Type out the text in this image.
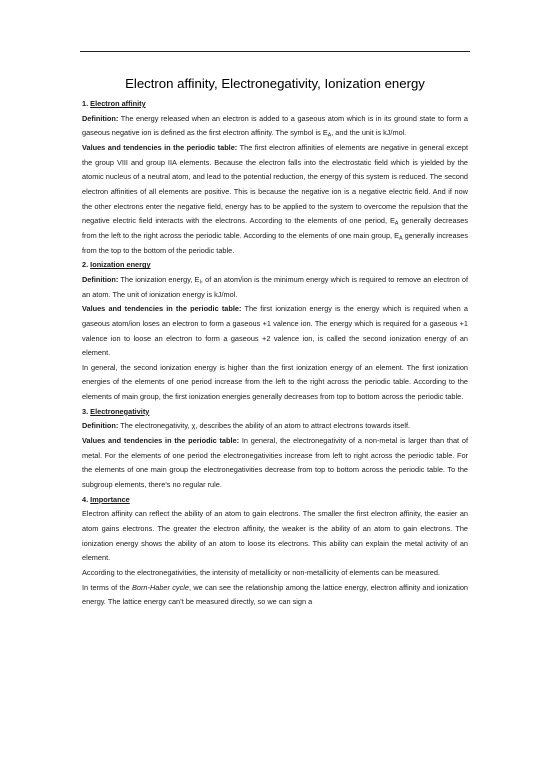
Electron affinity, Electronegativity, Ionization energy

1. Electron affinity

Definition: The energy released when an electron is added to a gaseous atom which is in its ground state to form a gaseous negative ion is defined as the first electron affinity. The symbol is $E_A$, and the unit is kJ/mol.

Values and tendencies in the periodic table: The first electron affinities of elements are negative in general except the group VIII and group IIA elements. Because the electron falls into the electrostatic field which is yielded by the atomic nucleus of a neutral atom, and lead to the potential reduction, the energy of this system is reduced. The second electron affinities of all elements are positive. This is because the negative ion is a negative electric field. And if now the other electrons enter the negative field, energy has to be applied to the system to overcome the repulsion that the negative electric field interacts with the electrons. According to the elements of one period, $E_A$ generally decreases from the left to the right across the periodic table. According to the elements of one main group, $E_A$ generally increases from the top to the bottom of the periodic table.

2. Ionization energy

Definition: The ionization energy, $E_I$, of an atom/ion is the minimum energy which is required to remove an electron of an atom. The unit of ionization energy is kJ/mol.

Values and tendencies in the periodic table: The first ionization energy is the energy which is required when a gaseous atom/ion loses an electron to form a gaseous +1 valence ion. The energy which is required for a gaseous +1 valence ion to loose an electron to form a gaseous +2 valence ion, is called the second ionization energy of an element.

In general, the second ionization energy is higher than the first ionization energy of an element. The first ionization energies of the elements of one period increase from the left to the right across the periodic table. According to the elements of main group, the first ionization energies generally decreases from top to bottom across the periodic table.

3. Electronegativity

Definition: The electronegativity, χ, describes the ability of an atom to attract electrons towards itself.

Values and tendencies in the periodic table: In general, the electronegativity of a non-metal is larger than that of metal. For the elements of one period the electronegativities increase from left to right across the periodic table. For the elements of one main group the electronegativities decrease from top to bottom across the periodic table. To the subgroup elements, there’s no regular rule.

4. Importance

Electron affinity can reflect the ability of an atom to gain electrons. The smaller the first electron affinity, the easier an atom gains electrons. The greater the electron affinity, the weaker is the ability of an atom to gain electrons. The ionization energy shows the ability of an atom to loose its electrons. This ability can explain the metal activity of an element.

According to the electronegativities, the intensity of metallicity or non-metallicity of elements can be measured.

In terms of the Born-Haber cycle, we can see the relationship among the lattice energy, electron affinity and ionization energy. The lattice energy can’t be measured directly, so we can sign a
